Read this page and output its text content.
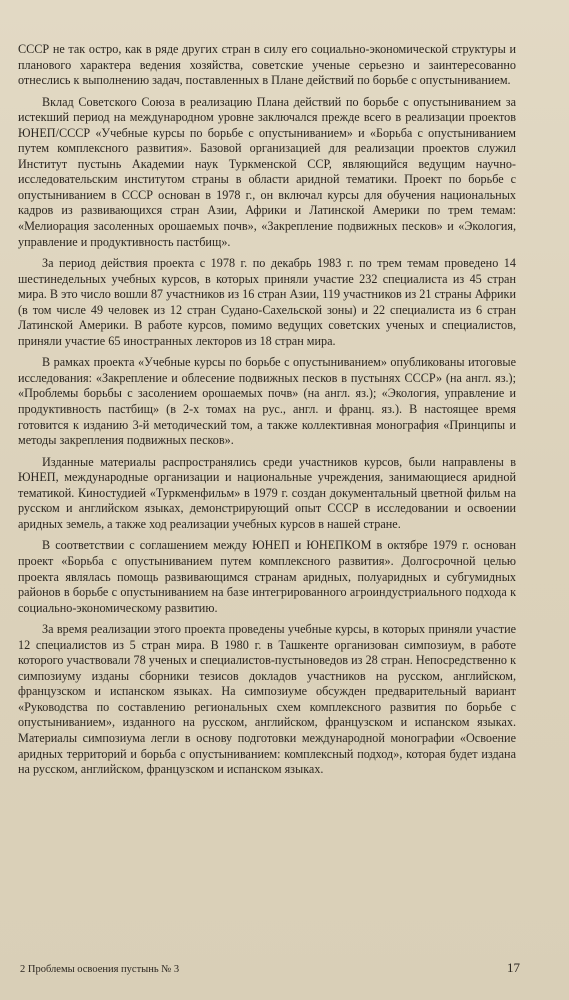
СССР не так остро, как в ряде других стран в силу его социально-экономической структуры и планового характера ведения хозяйства, советские ученые серьезно и заинтересованно отнеслись к выполнению задач, поставленных в Плане действий по борьбе с опустыниванием.

Вклад Советского Союза в реализацию Плана действий по борьбе с опустыниванием за истекший период на международном уровне заключался прежде всего в реализации проектов ЮНЕП/СССР «Учебные курсы по борьбе с опустыниванием» и «Борьба с опустыниванием путем комплексного развития». Базовой организацией для реализации проектов служил Институт пустынь Академии наук Туркменской ССР, являющийся ведущим научно-исследовательским институтом страны в области аридной тематики. Проект по борьбе с опустыниванием в СССР основан в 1978 г., он включал курсы для обучения национальных кадров из развивающихся стран Азии, Африки и Латинской Америки по трем темам: «Мелиорация засоленных орошаемых почв», «Закрепление подвижных песков» и «Экология, управление и продуктивность пастбищ».

За период действия проекта с 1978 г. по декабрь 1983 г. по трем темам проведено 14 шестинедельных учебных курсов, в которых приняли участие 232 специалиста из 45 стран мира. В это число вошли 87 участников из 16 стран Азии, 119 участников из 21 страны Африки (в том числе 49 человек из 12 стран Судано-Сахельской зоны) и 22 специалиста из 6 стран Латинской Америки. В работе курсов, помимо ведущих советских ученых и специалистов, приняли участие 65 иностранных лекторов из 18 стран мира.

В рамках проекта «Учебные курсы по борьбе с опустыниванием» опубликованы итоговые исследования: «Закрепление и облесение подвижных песков в пустынях СССР» (на англ. яз.); «Проблемы борьбы с засолением орошаемых почв» (на англ. яз.); «Экология, управление и продуктивность пастбищ» (в 2-х томах на рус., англ. и франц. яз.). В настоящее время готовится к изданию 3-й методический том, а также коллективная монография «Принципы и методы закрепления подвижных песков».

Изданные материалы распространялись среди участников курсов, были направлены в ЮНЕП, международные организации и национальные учреждения, занимающиеся аридной тематикой. Киностудией «Туркменфильм» в 1979 г. создан документальный цветной фильм на русском и английском языках, демонстрирующий опыт СССР в исследовании и освоении аридных земель, а также ход реализации учебных курсов в нашей стране.

В соответствии с соглашением между ЮНЕП и ЮНЕПКОМ в октябре 1979 г. основан проект «Борьба с опустыниванием путем комплексного развития». Долгосрочной целью проекта являлась помощь развивающимся странам аридных, полуаридных и субгумидных районов в борьбе с опустыниванием на базе интегрированного агроиндустриального подхода к социально-экономическому развитию.

За время реализации этого проекта проведены учебные курсы, в которых приняли участие 12 специалистов из 5 стран мира. В 1980 г. в Ташкенте организован симпозиум, в работе которого участвовали 78 ученых и специалистов-пустыноведов из 28 стран. Непосредственно к симпозиуму изданы сборники тезисов докладов участников на русском, английском, французском и испанском языках. На симпозиуме обсужден предварительный вариант «Руководства по составлению региональных схем комплексного развития по борьбе с опустыниванием», изданного на русском, английском, французском и испанском языках. Материалы симпозиума легли в основу подготовки международной монографии «Освоение аридных территорий и борьба с опустыниванием: комплексный подход», которая будет издана на русском, английском, французском и испанском языках.

2 Проблемы освоения пустынь № 3	17
